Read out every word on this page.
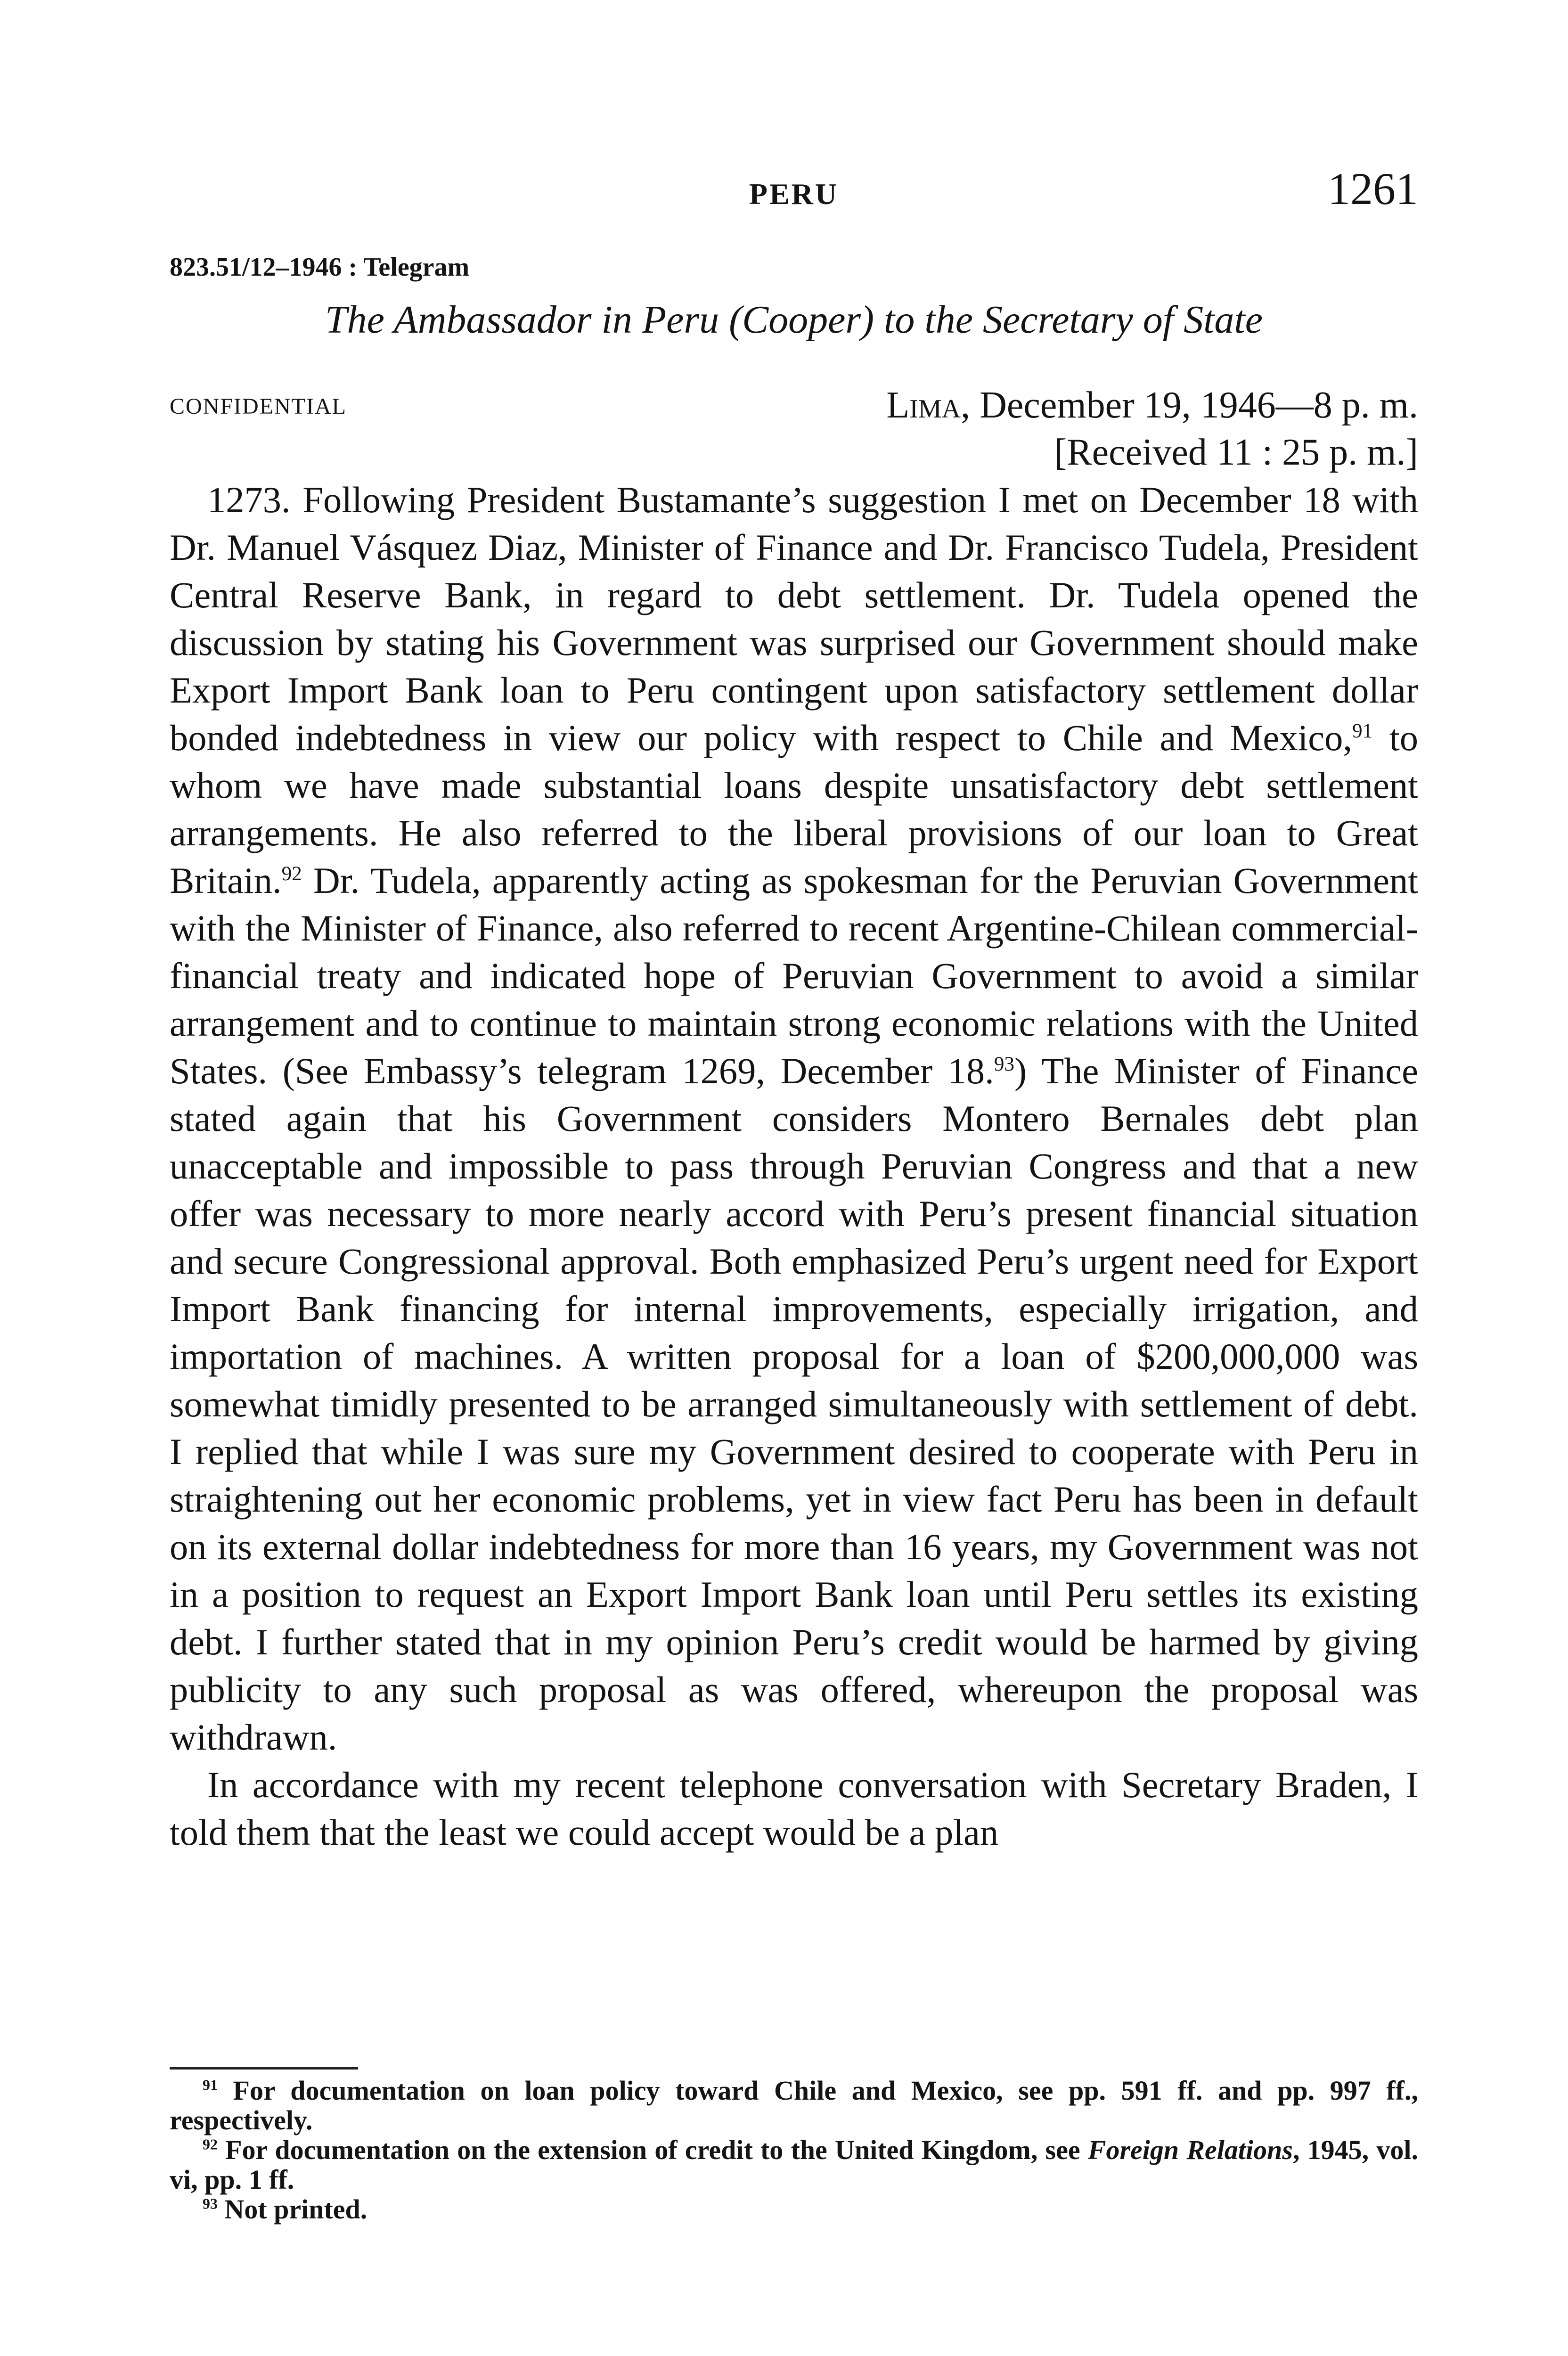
PERU	1261
823.51/12–1946 : Telegram
The Ambassador in Peru (Cooper) to the Secretary of State
CONFIDENTIAL	Lima, December 19, 1946—8 p. m.
[Received 11 : 25 p. m.]

1273. Following President Bustamante’s suggestion I met on December 18 with Dr. Manuel Vásquez Diaz, Minister of Finance and Dr. Francisco Tudela, President Central Reserve Bank, in regard to debt settlement. Dr. Tudela opened the discussion by stating his Government was surprised our Government should make Export Import Bank loan to Peru contingent upon satisfactory settlement dollar bonded indebtedness in view our policy with respect to Chile and Mexico,$^{91}$ to whom we have made substantial loans despite unsatisfactory debt settlement arrangements. He also referred to the liberal provisions of our loan to Great Britain.$^{92}$ Dr. Tudela, apparently acting as spokesman for the Peruvian Government with the Minister of Finance, also referred to recent Argentine-Chilean commercial-financial treaty and indicated hope of Peruvian Government to avoid a similar arrangement and to continue to maintain strong economic relations with the United States. (See Embassy’s telegram 1269, December 18.93) The Minister of Finance stated again that his Government considers Montero Bernales debt plan unacceptable and impossible to pass through Peruvian Congress and that a new offer was necessary to more nearly accord with Peru’s present financial situation and secure Congressional approval. Both emphasized Peru’s urgent need for Export Import Bank financing for internal improvements, especially irrigation, and importation of machines. A written proposal for a loan of $200,000,000 was somewhat timidly presented to be arranged simultaneously with settlement of debt. I replied that while I was sure my Government desired to cooperate with Peru in straightening out her economic problems, yet in view fact Peru has been in default on its external dollar indebtedness for more than 16 years, my Government was not in a position to request an Export Import Bank loan until Peru settles its existing debt. I further stated that in my opinion Peru’s credit would be harmed by giving publicity to any such proposal as was offered, whereupon the proposal was withdrawn.

In accordance with my recent telephone conversation with Secretary Braden, I told them that the least we could accept would be a plan

$^{91}$ For documentation on loan policy toward Chile and Mexico, see pp. 591 ff. and pp. 997 ff., respectively.

$^{92}$ For documentation on the extension of credit to the United Kingdom, see Foreign Relations, 1945, vol. vi, pp. 1 ff.

$^{93}$ Not printed.
